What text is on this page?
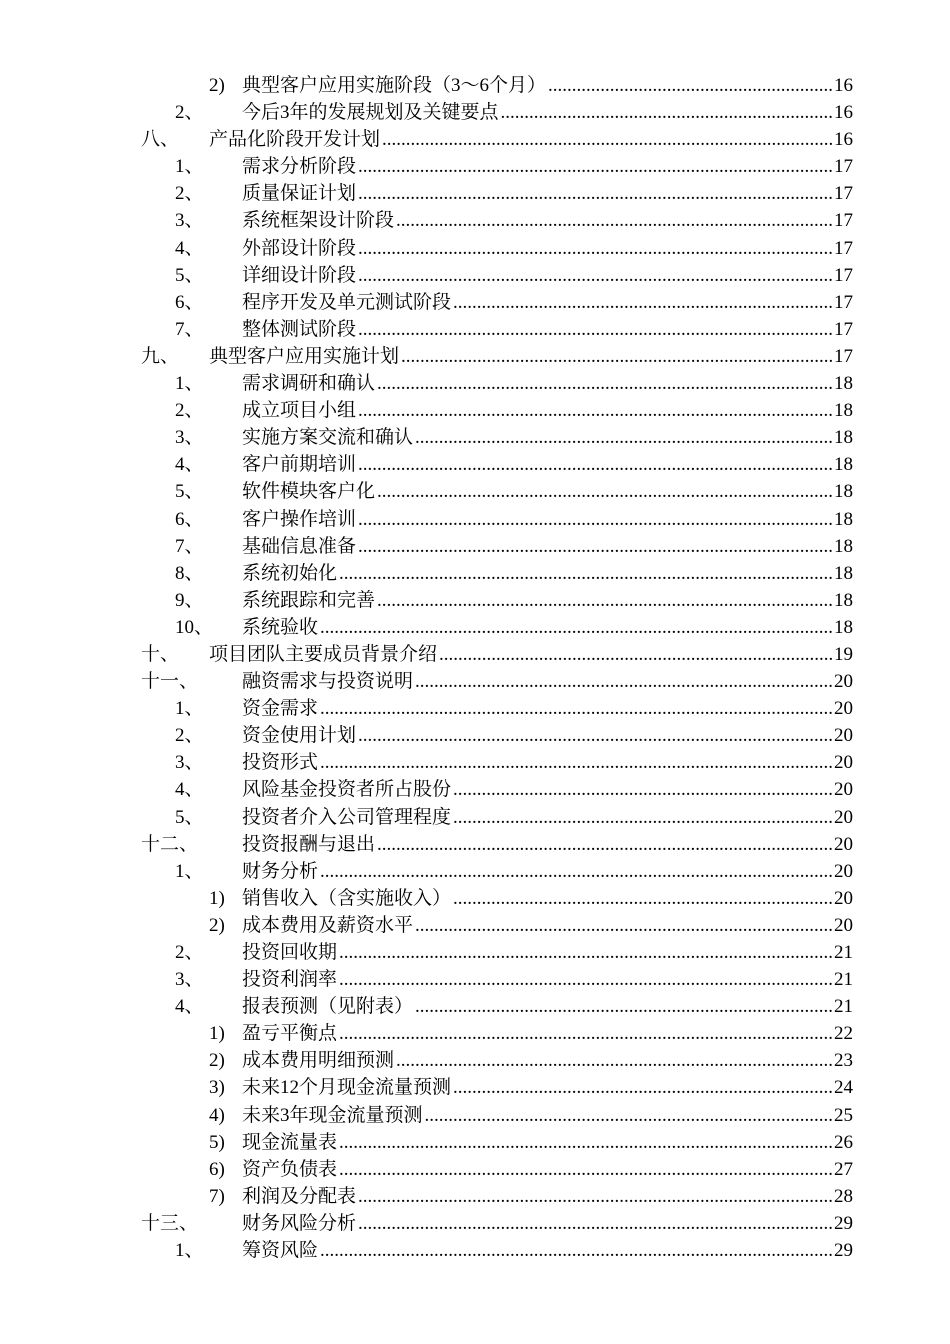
2) 典型客户应用实施阶段（3～6个月） .....	16
2、 今后3年的发展规划及关键要点 .....	16
八、 产品化阶段开发计划 .....	16
1、 需求分析阶段 .....	17
2、 质量保证计划 .....	17
3、 系统框架设计阶段 .....	17
4、 外部设计阶段 .....	17
5、 详细设计阶段 .....	17
6、 程序开发及单元测试阶段 .....	17
7、 整体测试阶段 .....	17
九、 典型客户应用实施计划 .....	17
1、 需求调研和确认 .....	18
2、 成立项目小组 .....	18
3、 实施方案交流和确认 .....	18
4、 客户前期培训 .....	18
5、 软件模块客户化 .....	18
6、 客户操作培训 .....	18
7、 基础信息准备 .....	18
8、 系统初始化 .....	18
9、 系统跟踪和完善 .....	18
10、 系统验收 .....	18
十、 项目团队主要成员背景介绍 .....	19
十一、 融资需求与投资说明 .....	20
1、 资金需求 .....	20
2、 资金使用计划 .....	20
3、 投资形式 .....	20
4、 风险基金投资者所占股份 .....	20
5、 投资者介入公司管理程度 .....	20
十二、 投资报酬与退出 .....	20
1、 财务分析 .....	20
1) 销售收入（含实施收入） .....	20
2) 成本费用及薪资水平 .....	20
2、 投资回收期 .....	21
3、 投资利润率 .....	21
4、 报表预测（见附表） .....	21
1) 盈亏平衡点 .....	22
2) 成本费用明细预测 .....	23
3) 未来12个月现金流量预测 .....	24
4) 未来3年现金流量预测 .....	25
5) 现金流量表 .....	26
6) 资产负债表 .....	27
7) 利润及分配表 .....	28
十三、 财务风险分析 .....	29
1、 筹资风险 .....	29
